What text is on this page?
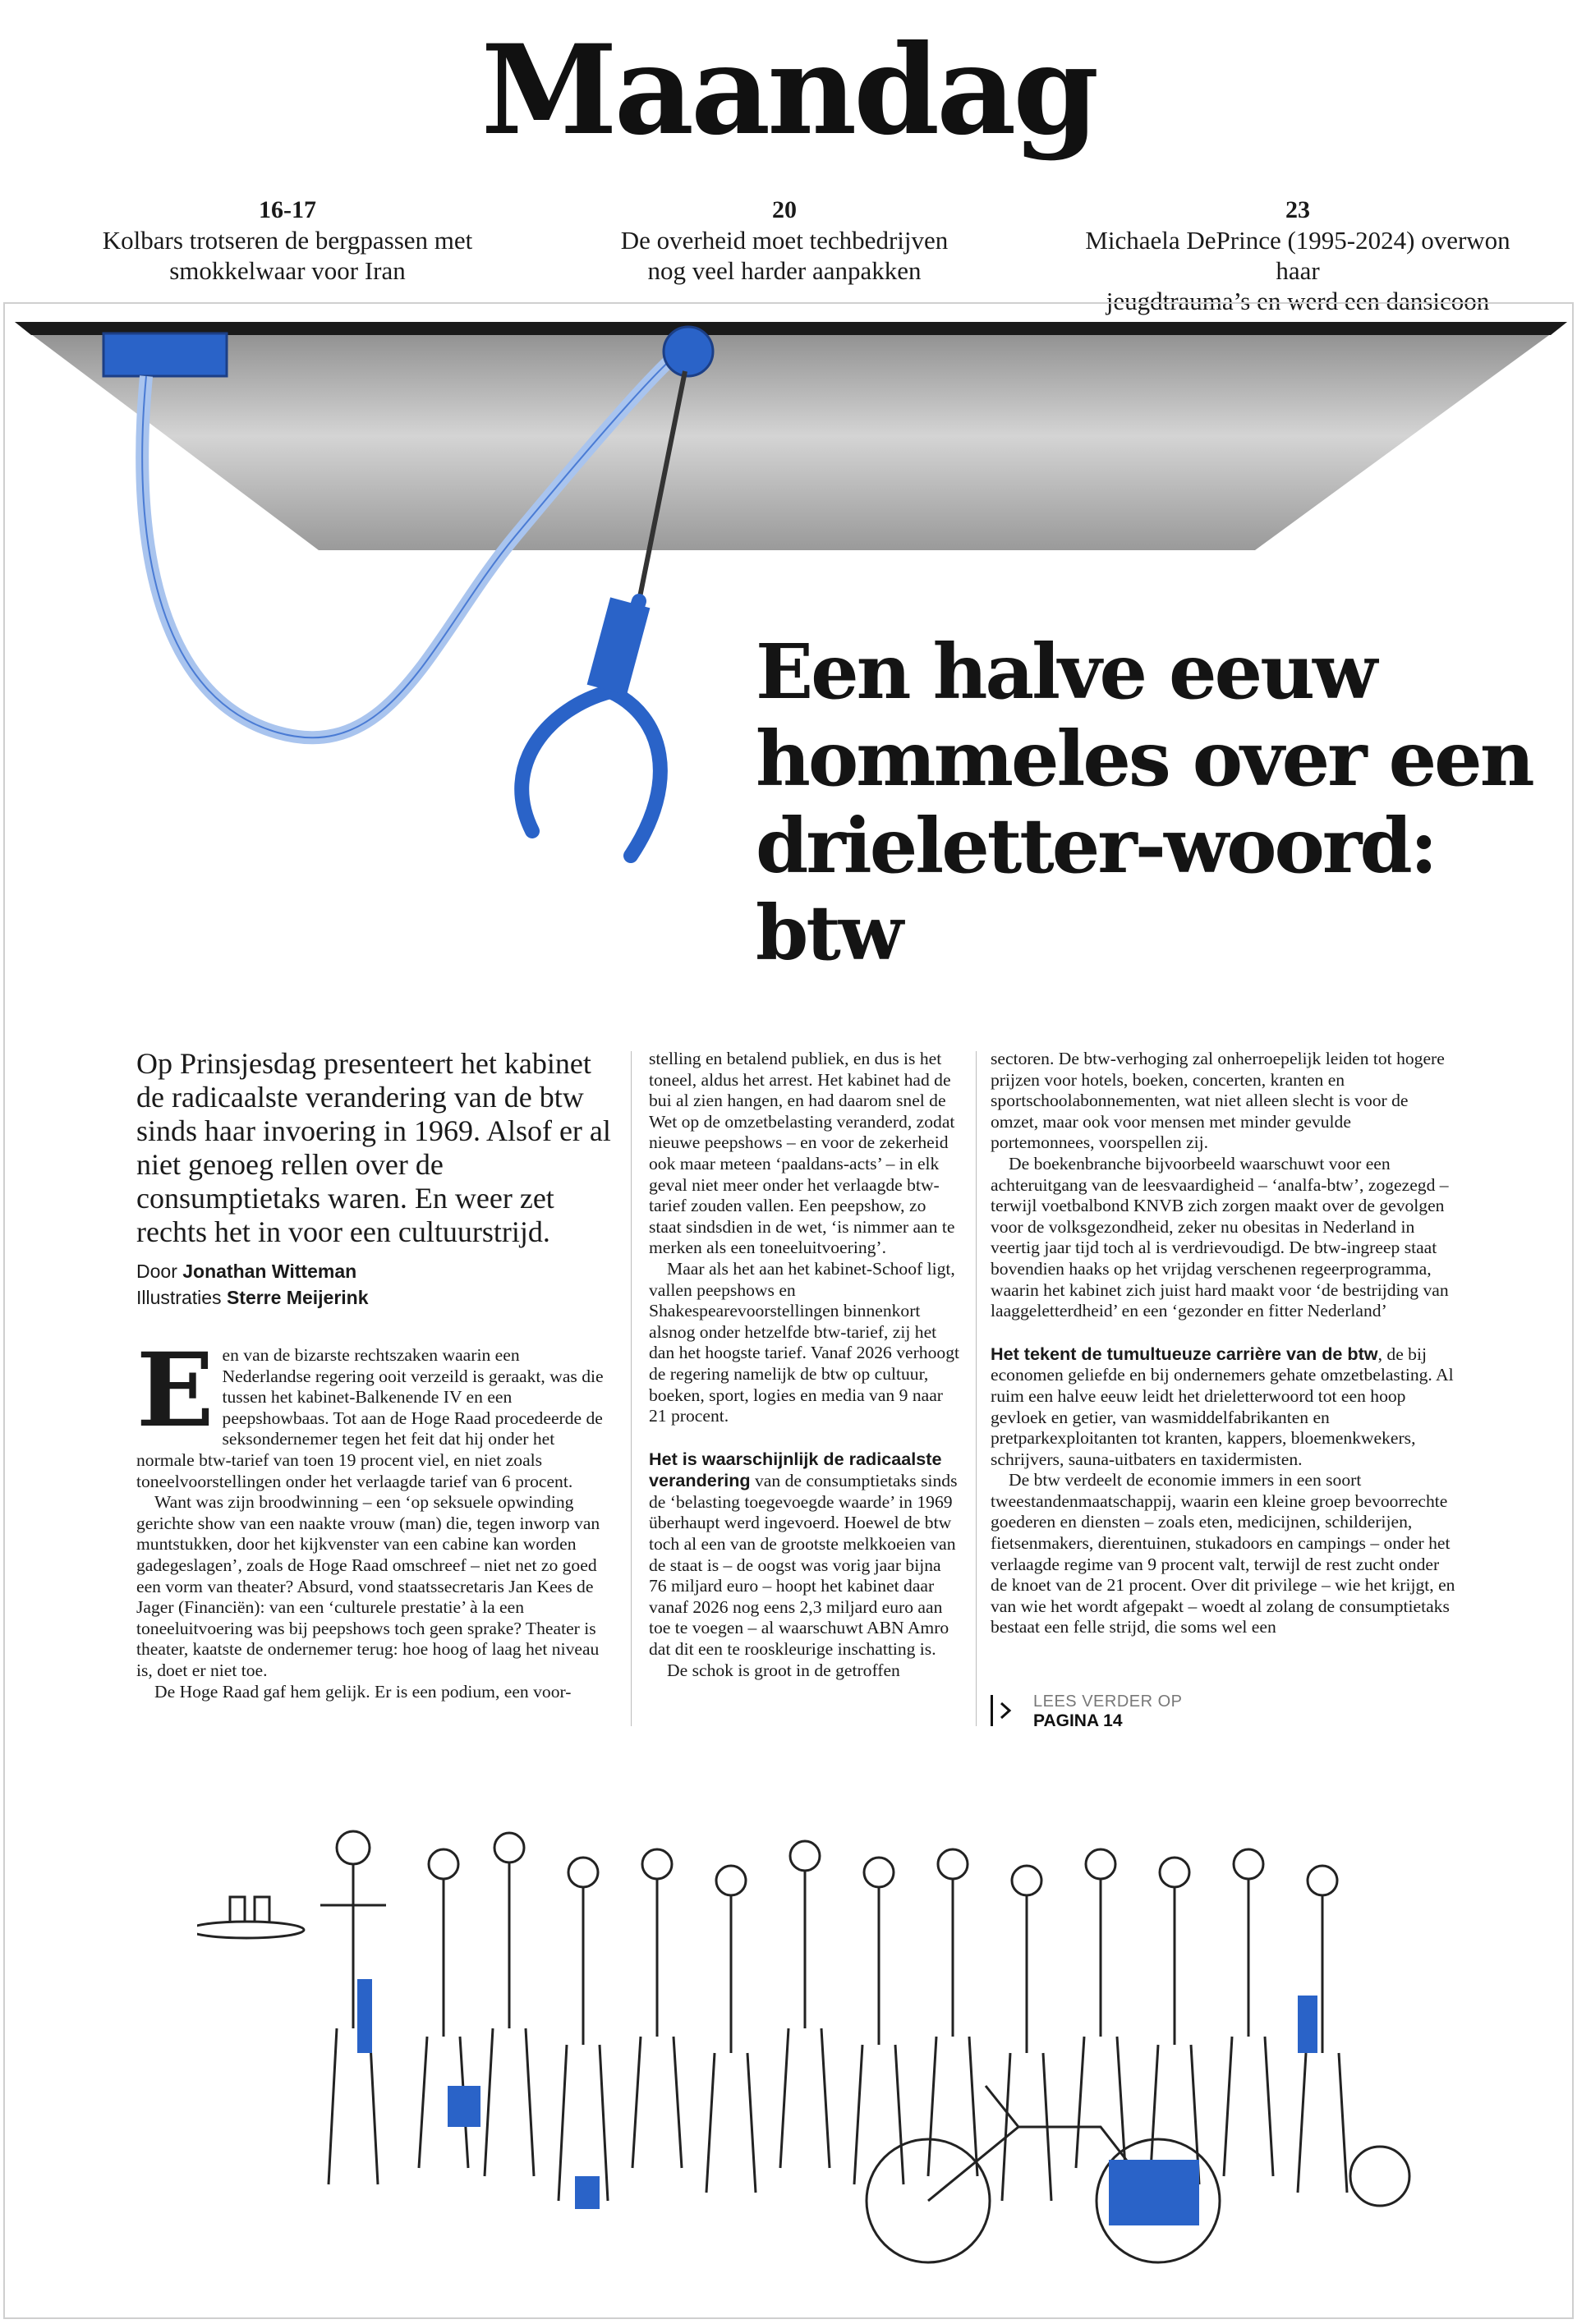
Maandag
16-17
Kolbars trotseren de bergpassen met
smokkelwaar voor Iran
20
De overheid moet techbedrijven
nog veel harder aanpakken
23
Michaela DePrince (1995-2024) overwon haar
jeugdtrauma’s en werd een dansicoon
Een halve eeuw
hommeles over een
drieletter-woord:
btw
Op Prinsjesdag presenteert het kabinet de radicaalste verandering van de btw sinds haar invoering in 1969. Alsof er al niet genoeg rellen over de consumptietaks waren. En weer zet rechts het in voor een cultuurstrijd.
Door Jonathan Witteman
Illustraties Sterre Meijerink

Een van de bizarste rechtszaken waarin een Nederlandse regering ooit verzeild is geraakt, was die tussen het kabinet-Balkenende IV en een peepshowbaas. Tot aan de Hoge Raad procedeerde de seksondernemer tegen het feit dat hij onder het normale btw-tarief van toen 19 procent viel, en niet zoals toneelvoorstellingen onder het verlaagde tarief van 6 procent.

Want was zijn broodwinning – een ‘op seksuele opwinding gerichte show van een naakte vrouw (man) die, tegen inworp van muntstukken, door het kijkvenster van een cabine kan worden gadegeslagen’, zoals de Hoge Raad omschreef – niet net zo goed een vorm van theater? Absurd, vond staatssecretaris Jan Kees de Jager (Financiën): van een ‘culturele prestatie’ à la een toneeluitvoering was bij peepshows toch geen sprake? Theater is theater, kaatste de ondernemer terug: hoe hoog of laag het niveau is, doet er niet toe.

De Hoge Raad gaf hem gelijk. Er is een podium, een voor-

stelling en betalend publiek, en dus is het toneel, aldus het arrest. Het kabinet had de bui al zien hangen, en had daarom snel de Wet op de omzetbelasting veranderd, zodat nieuwe peepshows – en voor de zekerheid ook maar meteen ‘paaldans-acts’ – in elk geval niet meer onder het verlaagde btw-tarief zouden vallen. Een peepshow, zo staat sindsdien in de wet, ‘is nimmer aan te merken als een toneeluitvoering’.

Maar als het aan het kabinet-Schoof ligt, vallen peepshows en Shakespearevoorstellingen binnenkort alsnog onder hetzelfde btw-tarief, zij het dan het hoogste tarief. Vanaf 2026 verhoogt de regering namelijk de btw op cultuur, boeken, sport, logies en media van 9 naar 21 procent.

Het is waarschijnlijk de radicaalste verandering van de consumptietaks sinds de ‘belasting toegevoegde waarde’ in 1969 überhaupt werd ingevoerd. Hoewel de btw toch al een van de grootste melkkoeien van de staat is – de oogst was vorig jaar bijna 76 miljard euro – hoopt het kabinet daar vanaf 2026 nog eens 2,3 miljard euro aan toe te voegen – al waarschuwt ABN Amro dat dit een te rooskleurige inschatting is.

De schok is groot in de getroffen

sectoren. De btw-verhoging zal onherroepelijk leiden tot hogere prijzen voor hotels, boeken, concerten, kranten en sportschoolabonnementen, wat niet alleen slecht is voor de omzet, maar ook voor mensen met minder gevulde portemonnees, voorspellen zij.

De boekenbranche bijvoorbeeld waarschuwt voor een achteruitgang van de leesvaardigheid – ‘analfa-btw’, zogezegd – terwijl voetbalbond KNVB zich zorgen maakt over de gevolgen voor de volksgezondheid, zeker nu obesitas in Nederland in veertig jaar tijd toch al is verdrievoudigd. De btw-ingreep staat bovendien haaks op het vrijdag verschenen regeerprogramma, waarin het kabinet zich juist hard maakt voor ‘de bestrijding van laaggeletterdheid’ en een ‘gezonder en fitter Nederland’

Het tekent de tumultueuze carrière van de btw, de bij economen geliefde en bij ondernemers gehate omzetbelasting. Al ruim een halve eeuw leidt het drieletterwoord tot een hoop gevloek en getier, van wasmiddelfabrikanten en pretparkexploitanten tot kranten, kappers, bloemenkwekers, schrijvers, sauna-uitbaters en taxidermisten.

De btw verdeelt de economie immers in een soort tweestandenmaatschappij, waarin een kleine groep bevoorrechte goederen en diensten – zoals eten, medicijnen, schilderijen, fietsenmakers, dierentuinen, stukadoors en campings – onder het verlaagde regime van 9 procent valt, terwijl de rest zucht onder de knoet van de 21 procent. Over dit privilege – wie het krijgt, en van wie het wordt afgepakt – woedt al zolang de consumptietaks bestaat een felle strijd, die soms wel een

LEES VERDER OP
PAGINA 14
